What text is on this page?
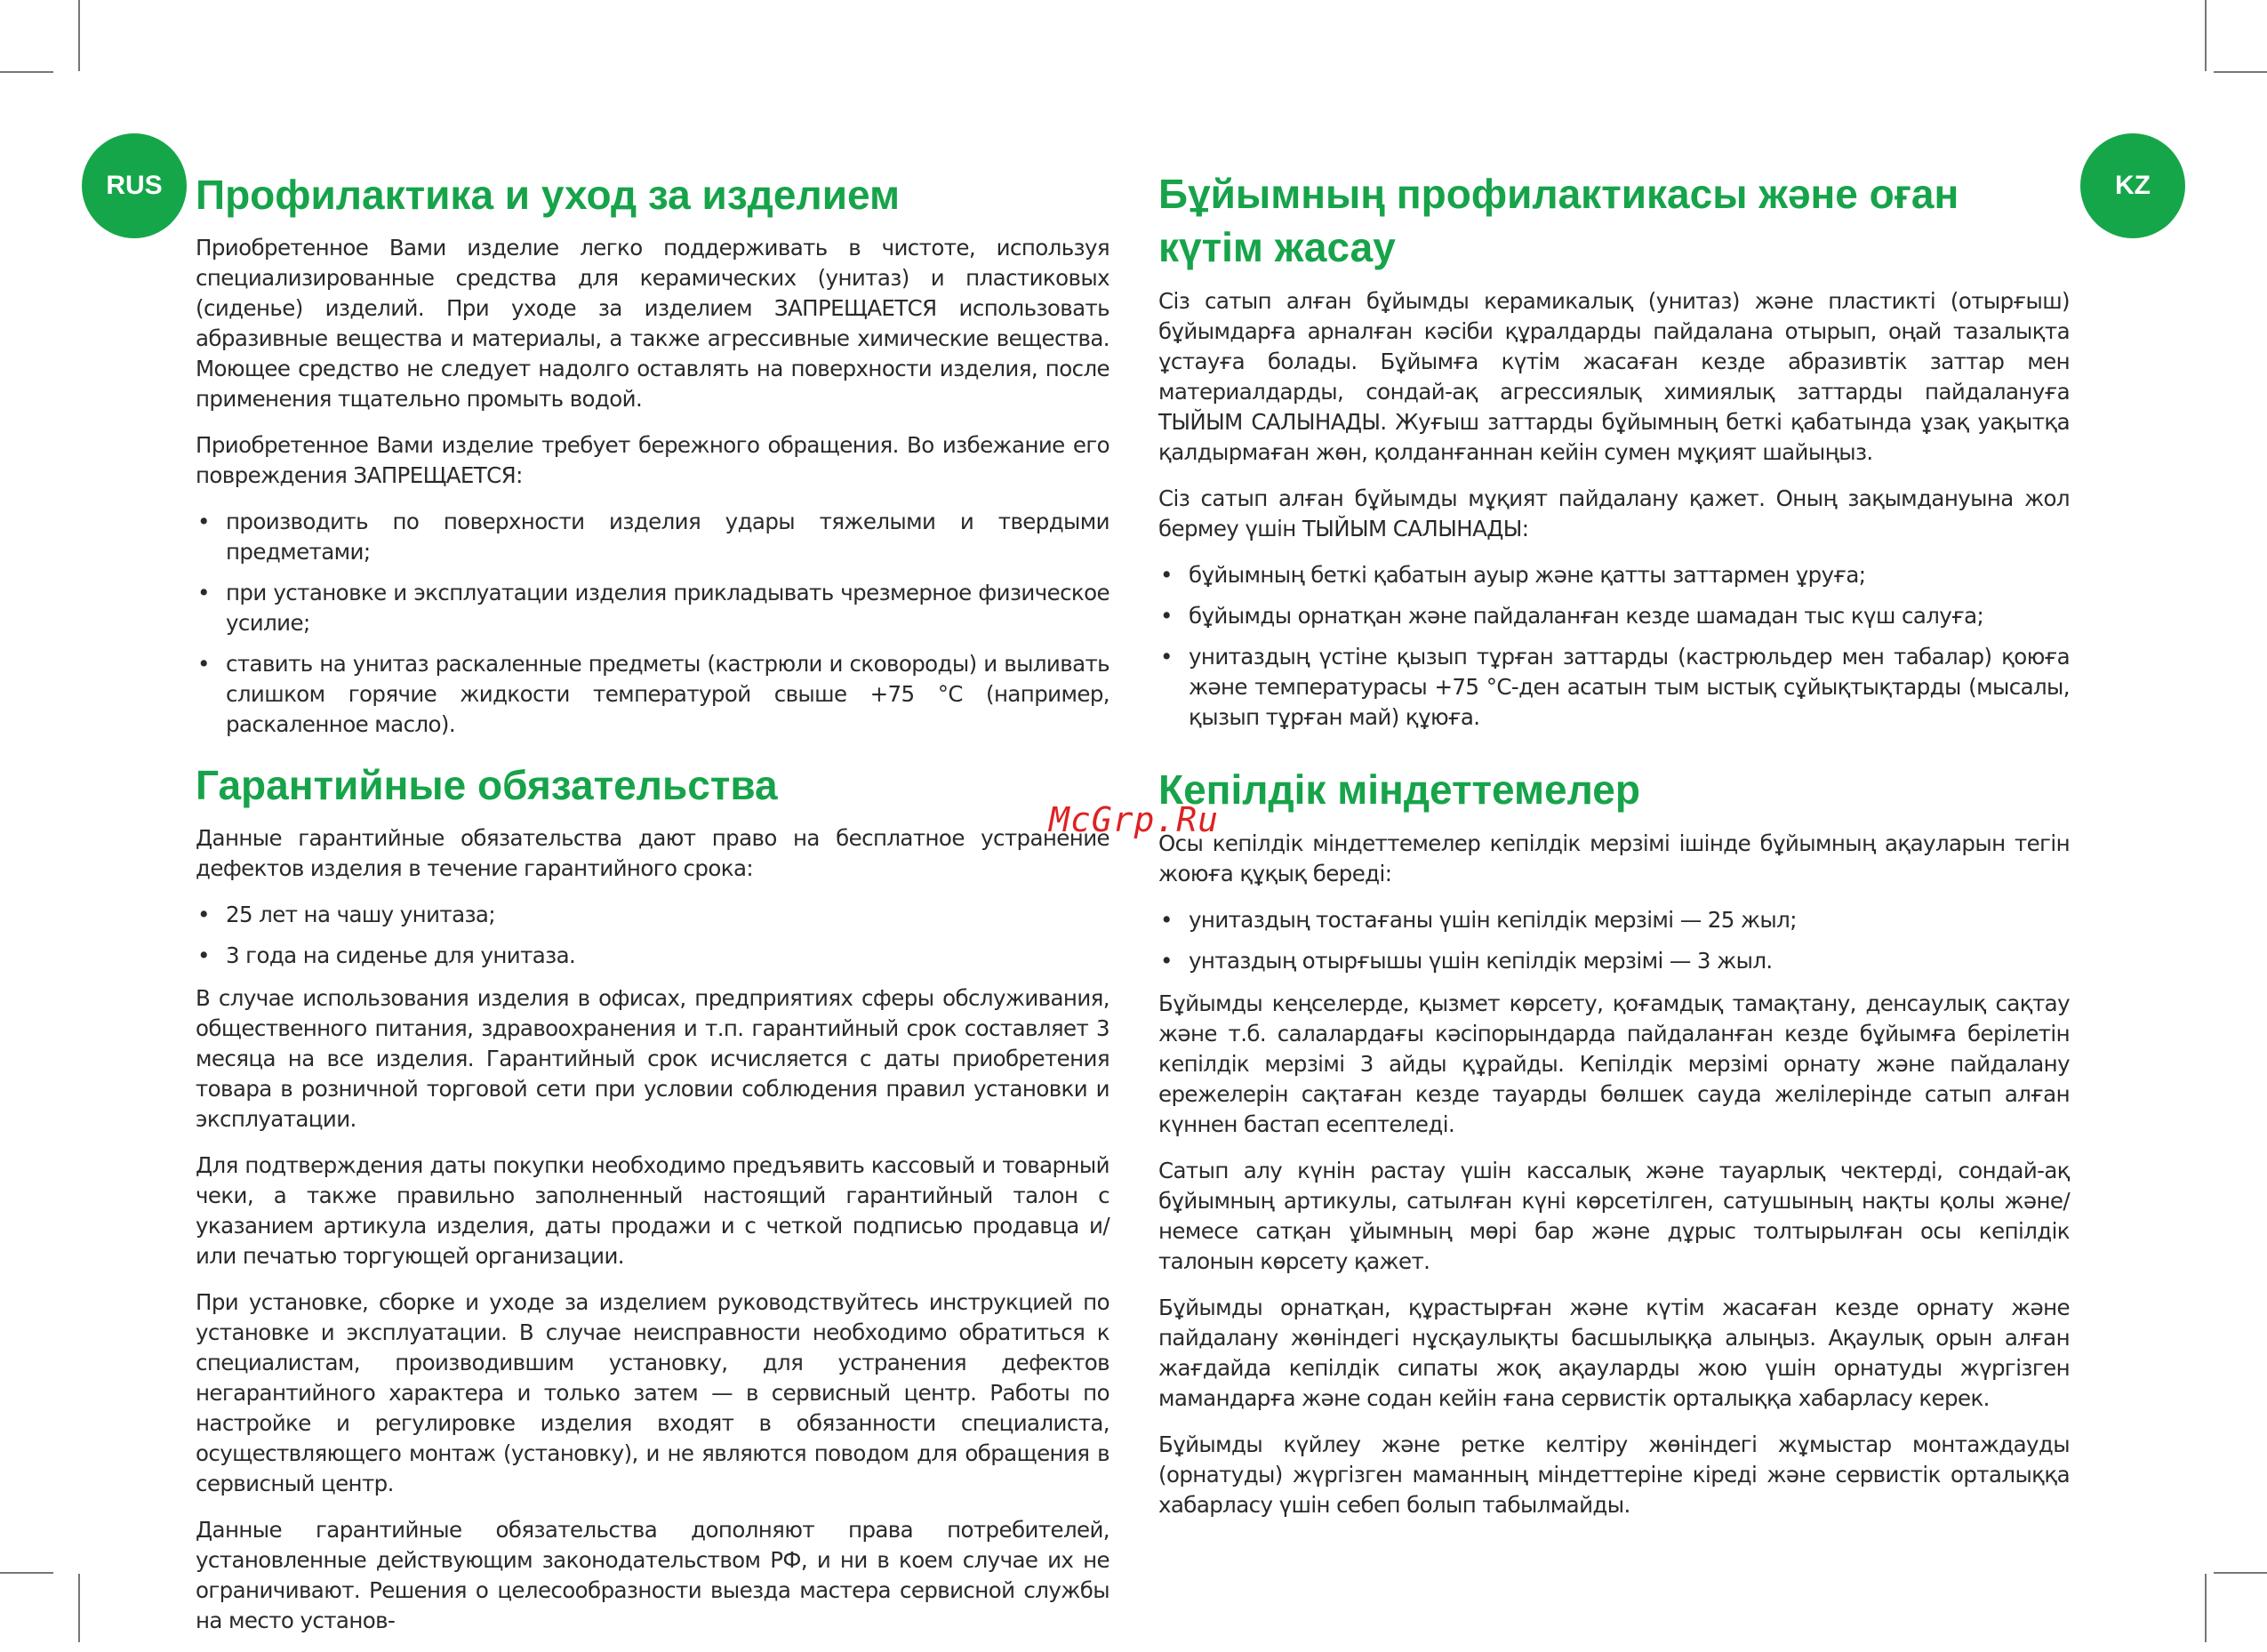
RUS	KZ
Профилактика и уход за изделием

Приобретенное Вами изделие легко поддерживать в чистоте, используя специализированные средства для керамических (унитаз) и пластиковых (сиденье) изделий. При уходе за изделием ЗАПРЕЩАЕТСЯ использовать абразивные вещества и материалы, а также агрессивные химические вещества. Моющее средство не следует надолго оставлять на поверхности изделия, после применения тщательно промыть водой.

Приобретенное Вами изделие требует бережного обращения. Во избежание его повреждения ЗАПРЕЩАЕТСЯ:

• производить по поверхности изделия удары тяжелыми и твердыми предметами;
• при установке и эксплуатации изделия прикладывать чрезмерное физическое усилие;
• ставить на унитаз раскаленные предметы (кастрюли и сковороды) и выливать слишком горячие жидкости температурой свыше +75 °C (например, раскаленное масло).
Гарантийные обязательства

Данные гарантийные обязательства дают право на бесплатное устранение дефектов изделия в течение гарантийного срока:

• 25 лет на чашу унитаза;
• 3 года на сиденье для унитаза.

В случае использования изделия в офисах, предприятиях сферы обслуживания, общественного питания, здравоохранения и т.п. гарантийный срок составляет 3 месяца на все изделия. Гарантийный срок исчисляется с даты приобретения товара в розничной торговой сети при условии соблюдения правил установки и эксплуатации.

Для подтверждения даты покупки необходимо предъявить кассовый и товарный чеки, а также правильно заполненный настоящий гарантийный талон с указанием артикула изделия, даты продажи и с четкой подписью продавца и/или печатью торгующей организации.

При установке, сборке и уходе за изделием руководствуйтесь инструкцией по установке и эксплуатации. В случае неисправности необходимо обратиться к специалистам, производившим установку, для устранения дефектов негарантийного характера и только затем — в сервисный центр. Работы по настройке и регулировке изделия входят в обязанности специалиста, осуществляющего монтаж (установку), и не являются поводом для обращения в сервисный центр.

Данные гарантийные обязательства дополняют права потребителей, установленные действующим законодательством РФ, и ни в коем случае их не ограничивают. Решения о целесообразности выезда мастера сервисной службы на место установ-

Бұйымның профилактикасы және оған күтім жасау

Сіз сатып алған бұйымды керамикалық (унитаз) және пластикті (отырғыш) бұйымдарға арналған кәсіби құралдарды пайдалана отырып, оңай тазалықта ұстауға болады. Бұйымға күтім жасаған кезде абразивтік заттар мен материалдарды, сондай-ақ агрессиялық химиялық заттарды пайдалануға ТЫЙЫМ САЛЫНАДЫ. Жуғыш заттарды бұйымның беткі қабатында ұзақ уақытқа қалдырмаған жөн, қолданғаннан кейін сумен мұқият шайыңыз.

Сіз сатып алған бұйымды мұқият пайдалану қажет. Оның зақымдануына жол бермеу үшін ТЫЙЫМ САЛЫНАДЫ:

• бұйымның беткі қабатын ауыр және қатты заттармен ұруға;
• бұйымды орнатқан және пайдаланған кезде шамадан тыс күш салуға;
• унитаздың үстіне қызып тұрған заттарды (кастрюльдер мен табалар) қоюға және температурасы +75 °C-ден асатын тым ыстық сұйықтықтарды (мысалы, қызып тұрған май) құюға.
Кепілдік міндеттемелер

Осы кепілдік міндеттемелер кепілдік мерзімі ішінде бұйымның ақауларын тегін жоюға құқық береді:

• унитаздың тостағаны үшін кепілдік мерзімі — 25 жыл;
• унтаздың отырғышы үшін кепілдік мерзімі — 3 жыл.

Бұйымды кеңселерде, қызмет көрсету, қоғамдық тамақтану, денсаулық сақтау және т.б. салалардағы кәсіпорындарда пайдаланған кезде бұйымға берілетін кепілдік мерзімі 3 айды құрайды. Кепілдік мерзімі орнату және пайдалану ережелерін сақтаған кезде тауарды бөлшек сауда желілерінде сатып алған күннен бастап есептеледі.

Сатып алу күнін растау үшін кассалық және тауарлық чектерді, сондай-ақ бұйымның артикулы, сатылған күні көрсетілген, сатушының нақты қолы және/немесе сатқан ұйымның мөрі бар және дұрыс толтырылған осы кепілдік талонын көрсету қажет.

Бұйымды орнатқан, құрастырған және күтім жасаған кезде орнату және пайдалану жөніндегі нұсқаулықты басшылыққа алыңыз. Ақаулық орын алған жағдайда кепілдік сипаты жоқ ақауларды жою үшін орнатуды жүргізген мамандарға және содан кейін ғана сервистік орталыққа хабарласу керек.

Бұйымды күйлеу және ретке келтіру жөніндегі жұмыстар монтаждауды (орнатуды) жүргізген маманның міндеттеріне кіреді және сервистік орталыққа хабарласу үшін себеп болып табылмайды.

McGrp.Ru
